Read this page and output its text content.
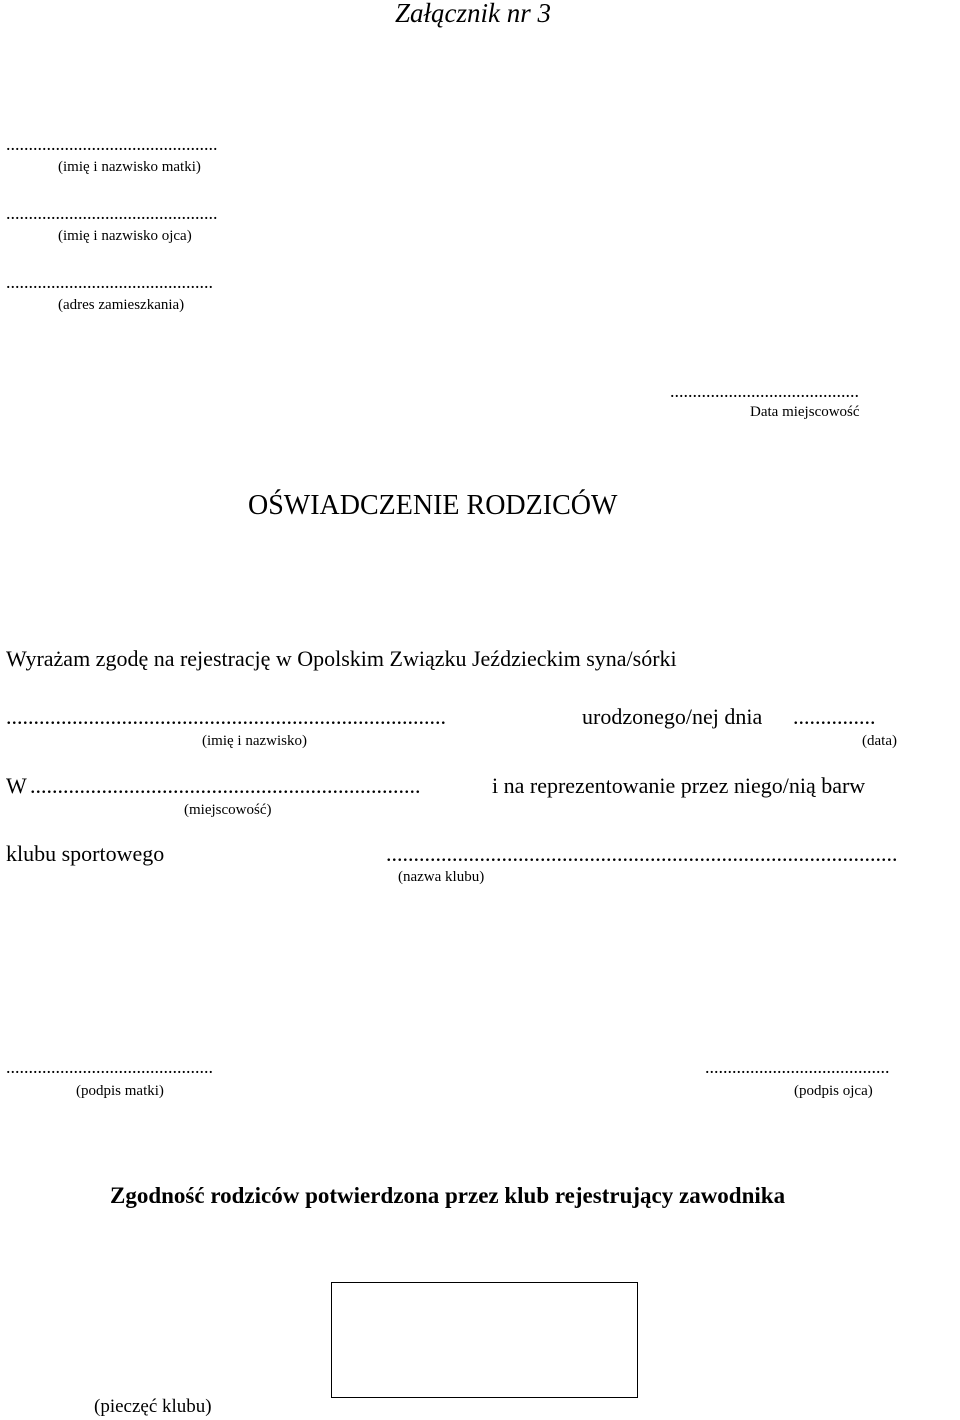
Załącznik nr 3
...............................................
(imię i nazwisko matki)
...............................................
(imię i nazwisko ojca)
..............................................
(adres zamieszkania)
..........................................
Data miejscowość
OŚWIADCZENIE RODZICÓW
Wyrażam zgodę na rejestrację w Opolskim Związku Jeździeckim syna/sórki
................................................................................	urodzonego/nej dnia ...............
(imię i nazwisko)	(data)
W .......................................................................	i na reprezentowanie przez niego/nią barw
(miejscowość)
klubu sportowego	.............................................................................................
(nazwa klubu)
..............................................
(podpis matki)
.........................................
(podpis ojca)
Zgodność rodziców potwierdzona przez klub rejestrujący zawodnika
(pieczęć klubu)
